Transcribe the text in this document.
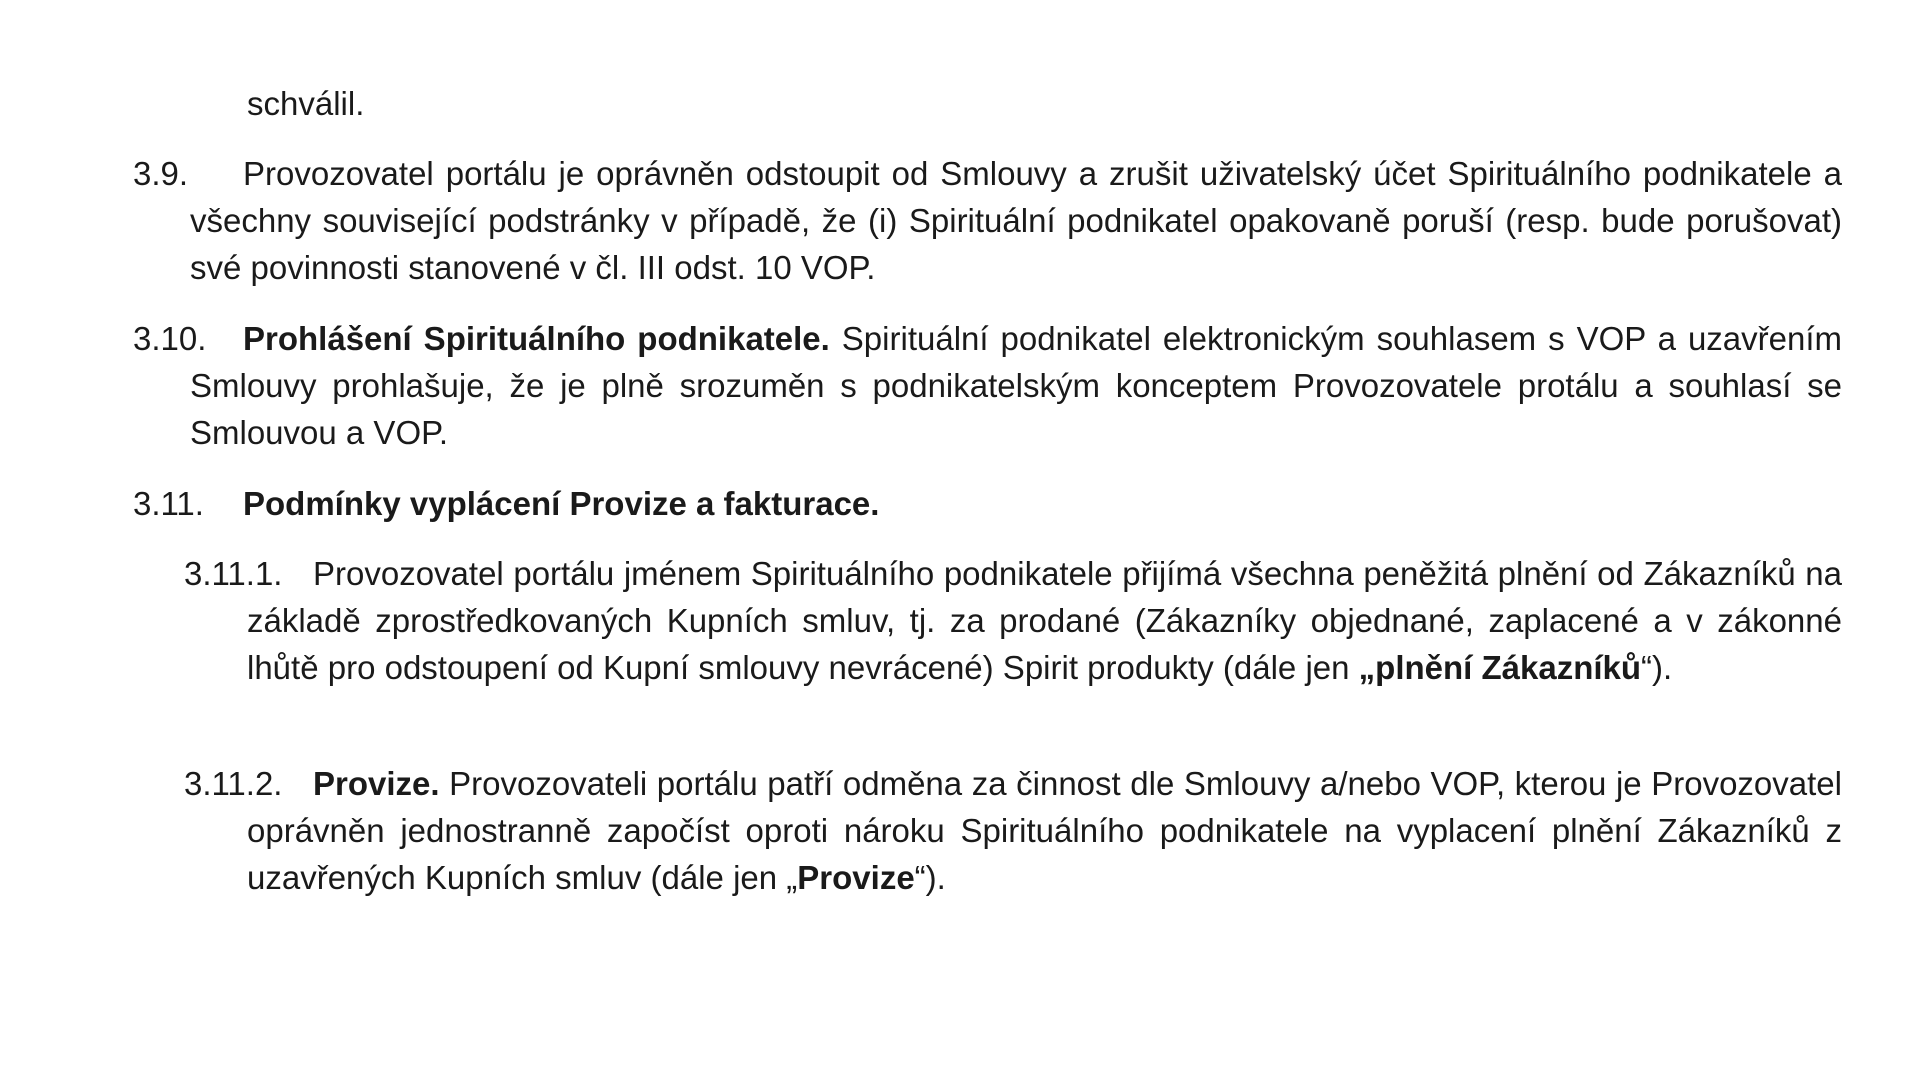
schválil.
3.9. Provozovatel portálu je oprávněn odstoupit od Smlouvy a zrušit uživatelský účet Spirituálního podnikatele a všechny související podstránky v případě, že (i) Spirituální podnikatel opakovaně poruší (resp. bude porušovat) své povinnosti stanovené v čl. III odst. 10 VOP.
3.10. Prohlášení Spirituálního podnikatele. Spirituální podnikatel elektronickým souhlasem s VOP a uzavřením Smlouvy prohlašuje, že je plně srozuměn s podnikatelským konceptem Provozovatele protálu a souhlasí se Smlouvou a VOP.
3.11. Podmínky vyplácení Provize a fakturace.
3.11.1. Provozovatel portálu jménem Spirituálního podnikatele přijímá všechna peněžitá plnění od Zákazníků na základě zprostředkovaných Kupních smluv, tj. za prodané (Zákazníky objednané, zaplacené a v zákonné lhůtě pro odstoupení od Kupní smlouvy nevrácené) Spirit produkty (dále jen „plnění Zákazníků“).
3.11.2. Provize. Provozovateli portálu patří odměna za činnost dle Smlouvy a/nebo VOP, kterou je Provozovatel oprávněn jednostranně započíst oproti nároku Spirituálního podnikatele na vyplacení plnění Zákazníků z uzavřených Kupních smluv (dále jen „Provize“).
